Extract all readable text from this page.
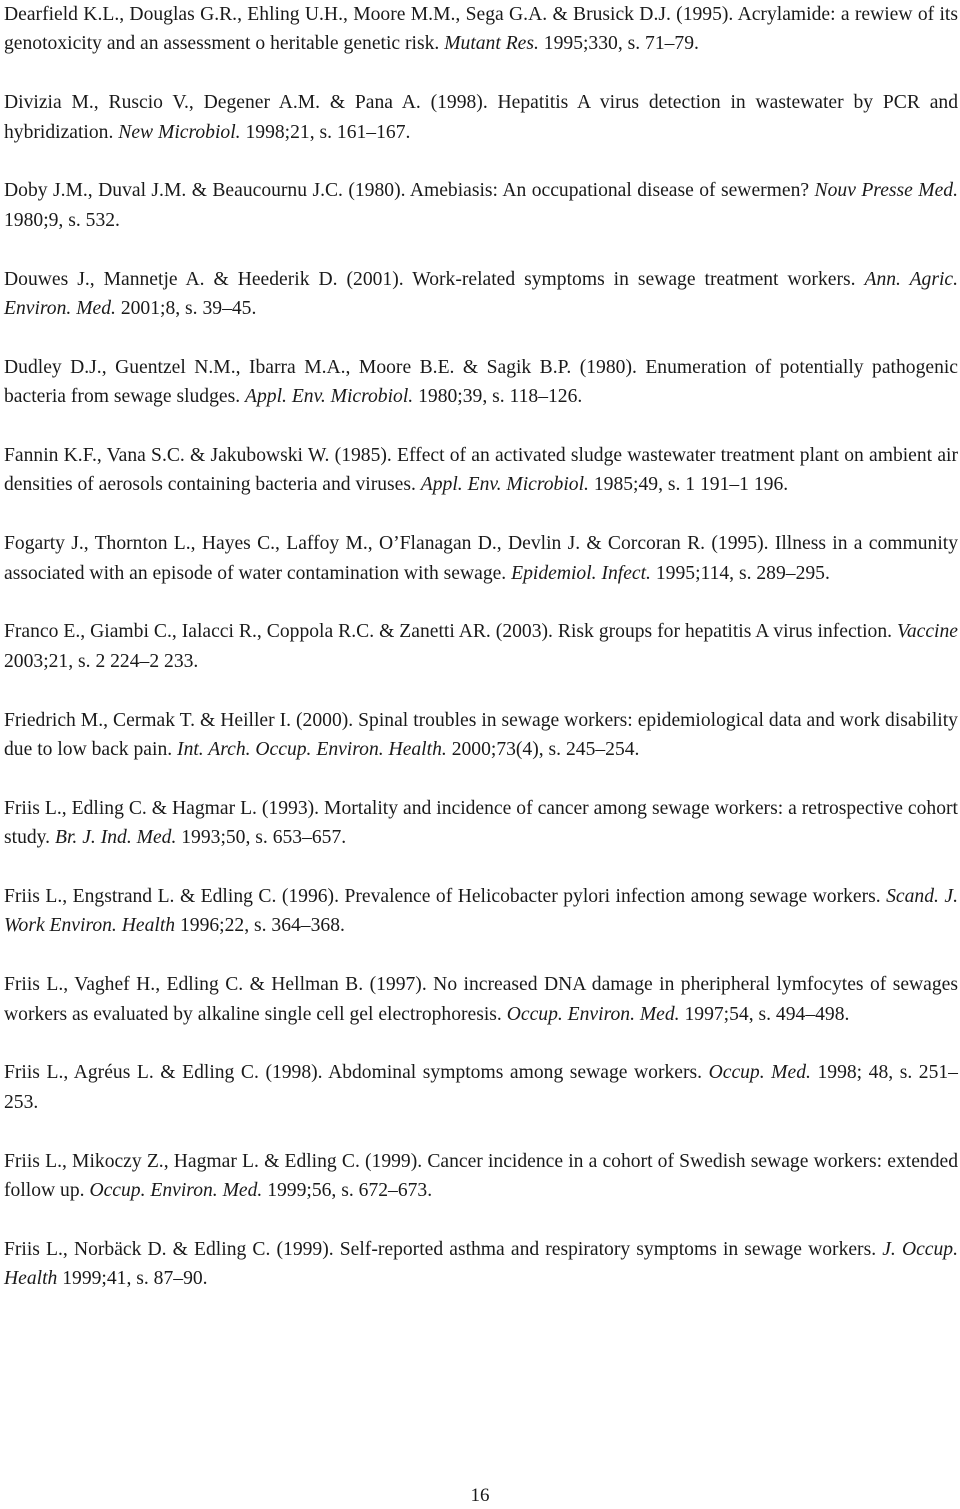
Dearfield K.L., Douglas G.R., Ehling U.H., Moore M.M., Sega G.A. & Brusick D.J. (1995). Acrylamide: a rewiew of its genotoxicity and an assessment o heritable genetic risk. Mutant Res. 1995;330, s. 71–79.

Divizia M., Ruscio V., Degener A.M. & Pana A. (1998). Hepatitis A virus detection in wastewater by PCR and hybridization. New Microbiol. 1998;21, s. 161–167.

Doby J.M., Duval J.M. & Beaucournu J.C. (1980). Amebiasis: An occupational disease of sewermen? Nouv Presse Med. 1980;9, s. 532.

Douwes J., Mannetje A. & Heederik D. (2001). Work-related symptoms in sewage treatment workers. Ann. Agric. Environ. Med. 2001;8, s. 39–45.

Dudley D.J., Guentzel N.M., Ibarra M.A., Moore B.E. & Sagik B.P. (1980). Enumeration of potentially pathogenic bacteria from sewage sludges. Appl. Env. Microbiol. 1980;39, s. 118–126.

Fannin K.F., Vana S.C. & Jakubowski W. (1985). Effect of an activated sludge wastewater treatment plant on ambient air densities of aerosols containing bacteria and viruses. Appl. Env. Microbiol. 1985;49, s. 1 191–1 196.

Fogarty J., Thornton L., Hayes C., Laffoy M., O’Flanagan D., Devlin J. & Corcoran R. (1995). Illness in a community associated with an episode of water contamination with sewage. Epidemiol. Infect. 1995;114, s. 289–295.

Franco E., Giambi C., Ialacci R., Coppola R.C. & Zanetti AR. (2003). Risk groups for hepatitis A virus infection. Vaccine 2003;21, s. 2 224–2 233.

Friedrich M., Cermak T. & Heiller I. (2000). Spinal troubles in sewage workers: epidemiological data and work disability due to low back pain. Int. Arch. Occup. Environ. Health. 2000;73(4), s. 245–254.

Friis L., Edling C. & Hagmar L. (1993). Mortality and incidence of cancer among sewage workers: a retrospective cohort study. Br. J. Ind. Med. 1993;50, s. 653–657.

Friis L., Engstrand L. & Edling C. (1996). Prevalence of Helicobacter pylori infection among sewage workers. Scand. J. Work Environ. Health 1996;22, s. 364–368.

Friis L., Vaghef H., Edling C. & Hellman B. (1997). No increased DNA damage in pheripheral lymfocytes of sewages workers as evaluated by alkaline single cell gel electrophoresis. Occup. Environ. Med. 1997;54, s. 494–498.

Friis L., Agréus L. & Edling C. (1998). Abdominal symptoms among sewage workers. Occup. Med. 1998; 48, s. 251–253.

Friis L., Mikoczy Z., Hagmar L. & Edling C. (1999). Cancer incidence in a cohort of Swedish sewage workers: extended follow up. Occup. Environ. Med. 1999;56, s. 672–673.

Friis L., Norbäck D. & Edling C. (1999). Self-reported asthma and respiratory symptoms in sewage workers. J. Occup. Health 1999;41, s. 87–90.

16
